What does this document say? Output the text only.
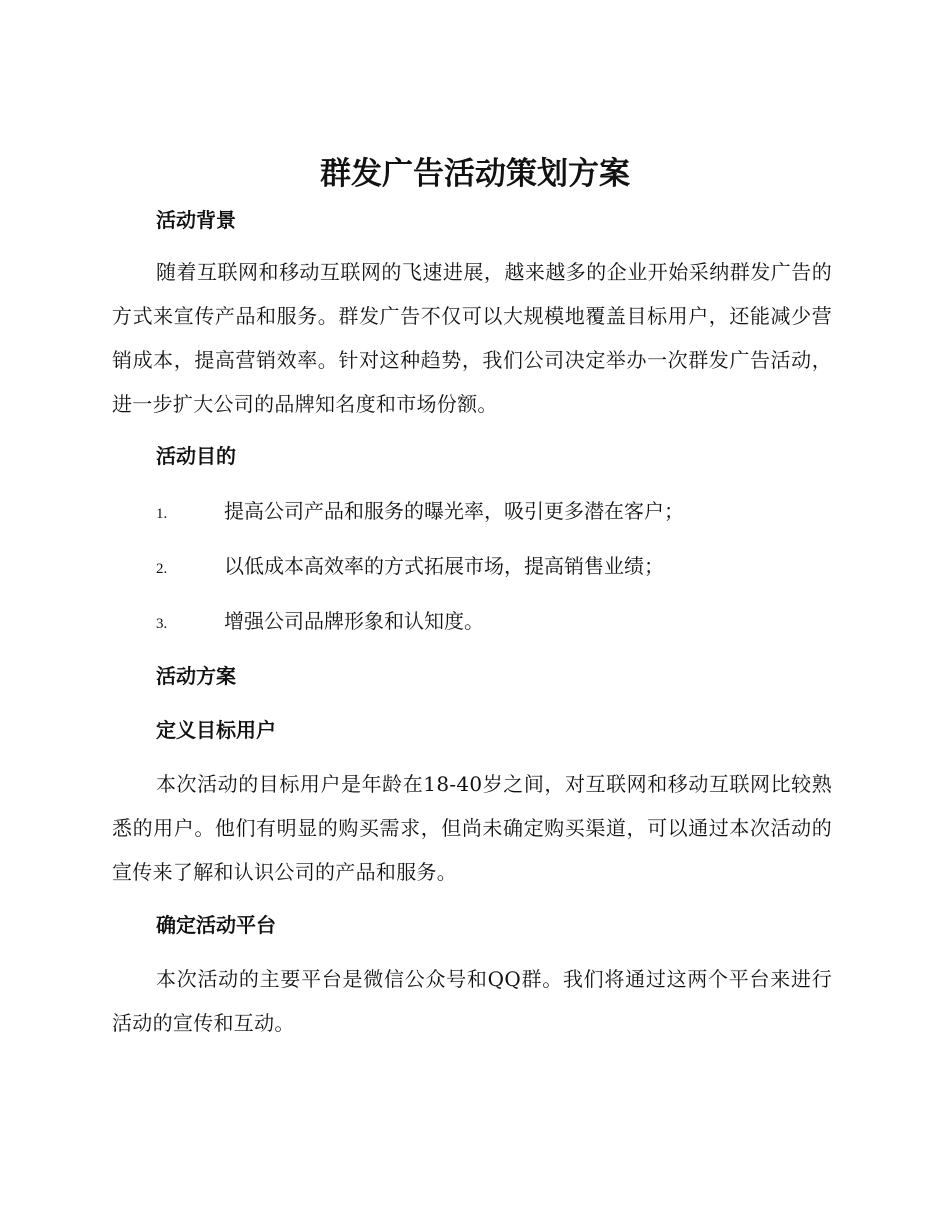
群发广告活动策划方案
活动背景

随着互联网和移动互联网的飞速进展，越来越多的企业开始采纳群发广告的方式来宣传产品和服务。群发广告不仅可以大规模地覆盖目标用户，还能减少营销成本，提高营销效率。针对这种趋势，我们公司决定举办一次群发广告活动，进一步扩大公司的品牌知名度和市场份额。

活动目的
1.	提高公司产品和服务的曝光率，吸引更多潜在客户；
2.	以低成本高效率的方式拓展市场，提高销售业绩；
3.	增强公司品牌形象和认知度。
活动方案
定义目标用户

本次活动的目标用户是年龄在18-40岁之间，对互联网和移动互联网比较熟悉的用户。他们有明显的购买需求，但尚未确定购买渠道，可以通过本次活动的宣传来了解和认识公司的产品和服务。

确定活动平台

本次活动的主要平台是微信公众号和QQ群。我们将通过这两个平台来进行活动的宣传和互动。
